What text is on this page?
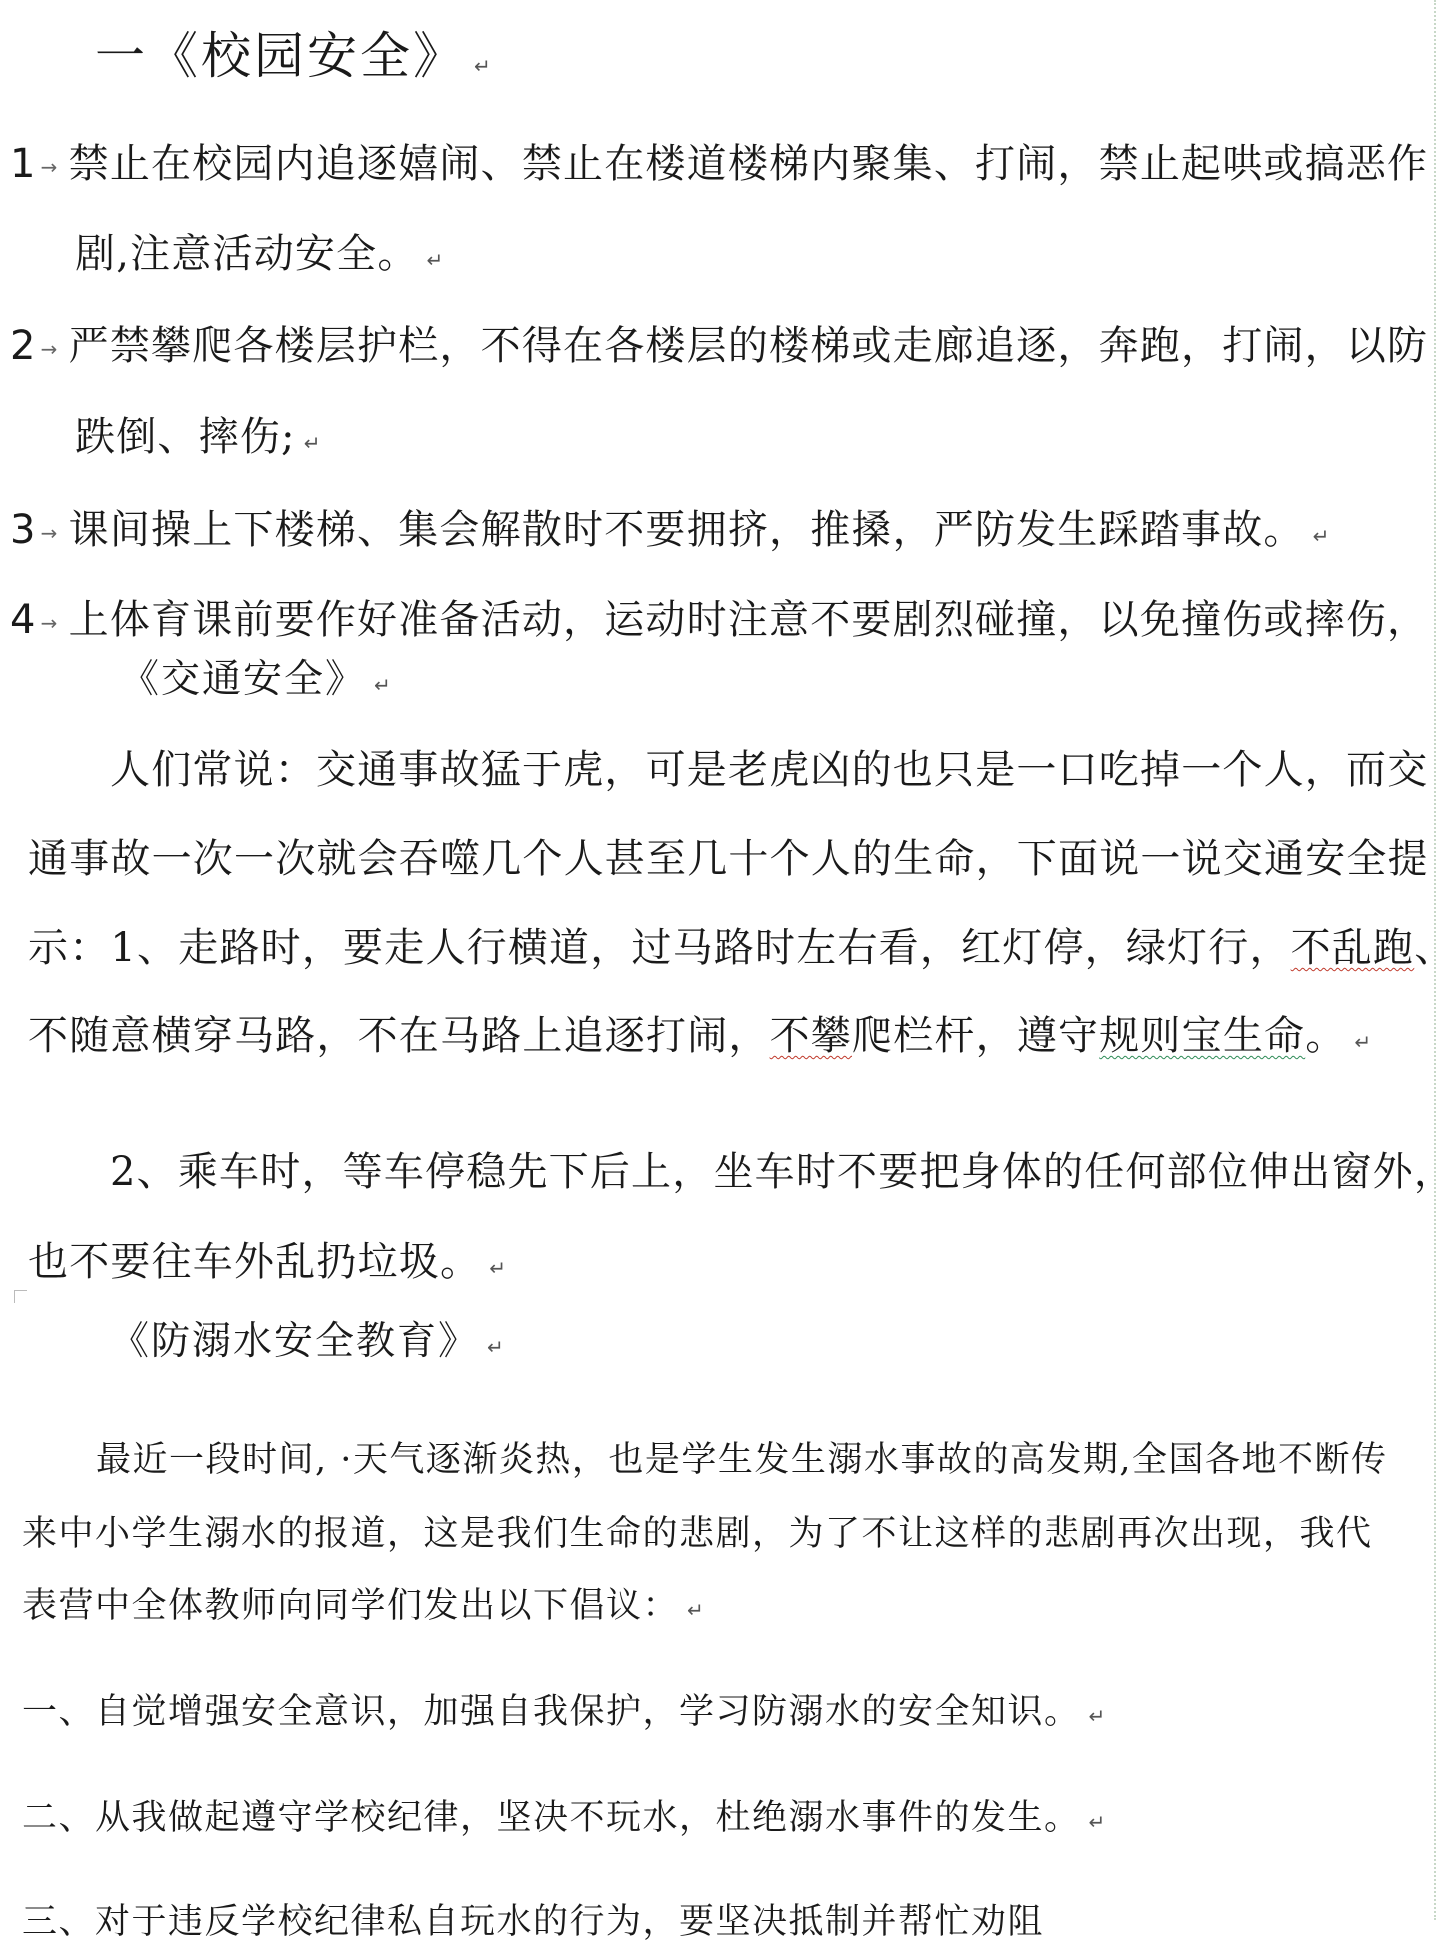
一《校园安全》 ↵
1 → 禁止在校园内追逐嬉闹、禁止在楼道楼梯内聚集、打闹，禁止起哄或搞恶作
剧,注意活动安全。 ↵
2 → 严禁攀爬各楼层护栏，不得在各楼层的楼梯或走廊追逐，奔跑，打闹，以防
跌倒、摔伤; ↵
3 → 课间操上下楼梯、集会解散时不要拥挤，推搡，严防发生踩踏事故。 ↵
4 → 上体育课前要作好准备活动，运动时注意不要剧烈碰撞，以免撞伤或摔伤，
《交通安全》 ↵
人们常说：交通事故猛于虎，可是老虎凶的也只是一口吃掉一个人，而交
通事故一次一次就会吞噬几个人甚至几十个人的生命，下面说一说交通安全提
示：1、走路时，要走人行横道，过马路时左右看，红灯停，绿灯行，不乱跑、
不随意横穿马路，不在马路上追逐打闹，不攀爬栏杆，遵守规则宝生命。 ↵
2、乘车时，等车停稳先下后上，坐车时不要把身体的任何部位伸出窗外，
也不要往车外乱扔垃圾。 ↵
《防溺水安全教育》 ↵
最近一段时间, ·天气逐渐炎热，也是学生发生溺水事故的高发期,全国各地不断传
来中小学生溺水的报道，这是我们生命的悲剧，为了不让这样的悲剧再次出现，我代
表营中全体教师向同学们发出以下倡议： ↵
一、自觉增强安全意识，加强自我保护，学习防溺水的安全知识。 ↵
二、从我做起遵守学校纪律，坚决不玩水，杜绝溺水事件的发生。 ↵
三、对于违反学校纪律私自玩水的行为，要坚决抵制并帮忙劝阻
